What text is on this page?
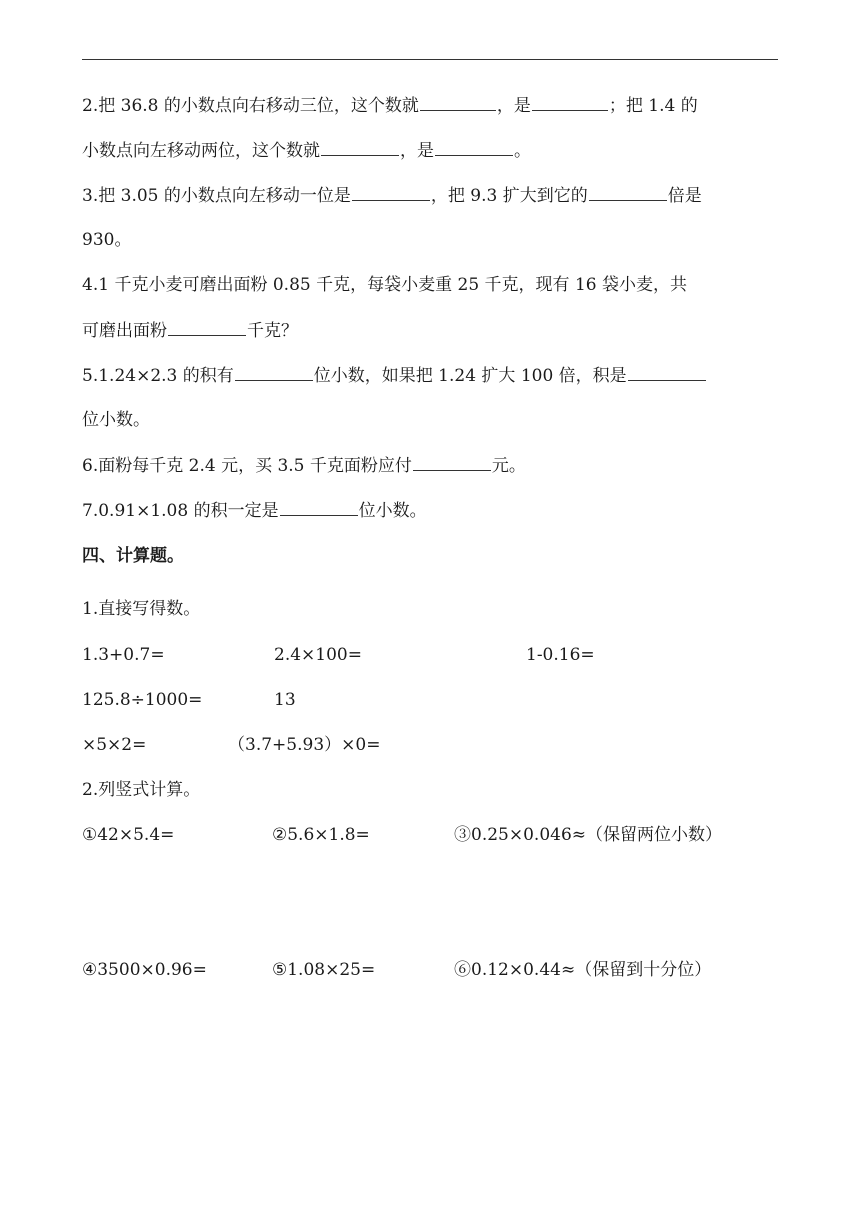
2.把 36.8 的小数点向右移动三位，这个数就	，是	；把 1.4 的
小数点向左移动两位，这个数就	，是	。
3.把 3.05 的小数点向左移动一位是	，把 9.3 扩大到它的	倍是
930。
4.1 千克小麦可磨出面粉 0.85 千克，每袋小麦重 25 千克，现有 16 袋小麦，共
可磨出面粉	千克？
5.1.24×2.3 的积有	位小数，如果把 1.24 扩大 100 倍，积是
位小数。
6.面粉每千克 2.4 元，买 3.5 千克面粉应付	元。
7.0.91×1.08 的积一定是	位小数。
四、计算题。
1.直接写得数。
1.3+0.7=	2.4×100=	1-0.16=
125.8÷1000=	13
×5×2=	（3.7+5.93）×0=
2.列竖式计算。
①42×5.4=	②5.6×1.8=	③0.25×0.046≈（保留两位小数）
④3500×0.96=	⑤1.08×25=	⑥0.12×0.44≈（保留到十分位）
